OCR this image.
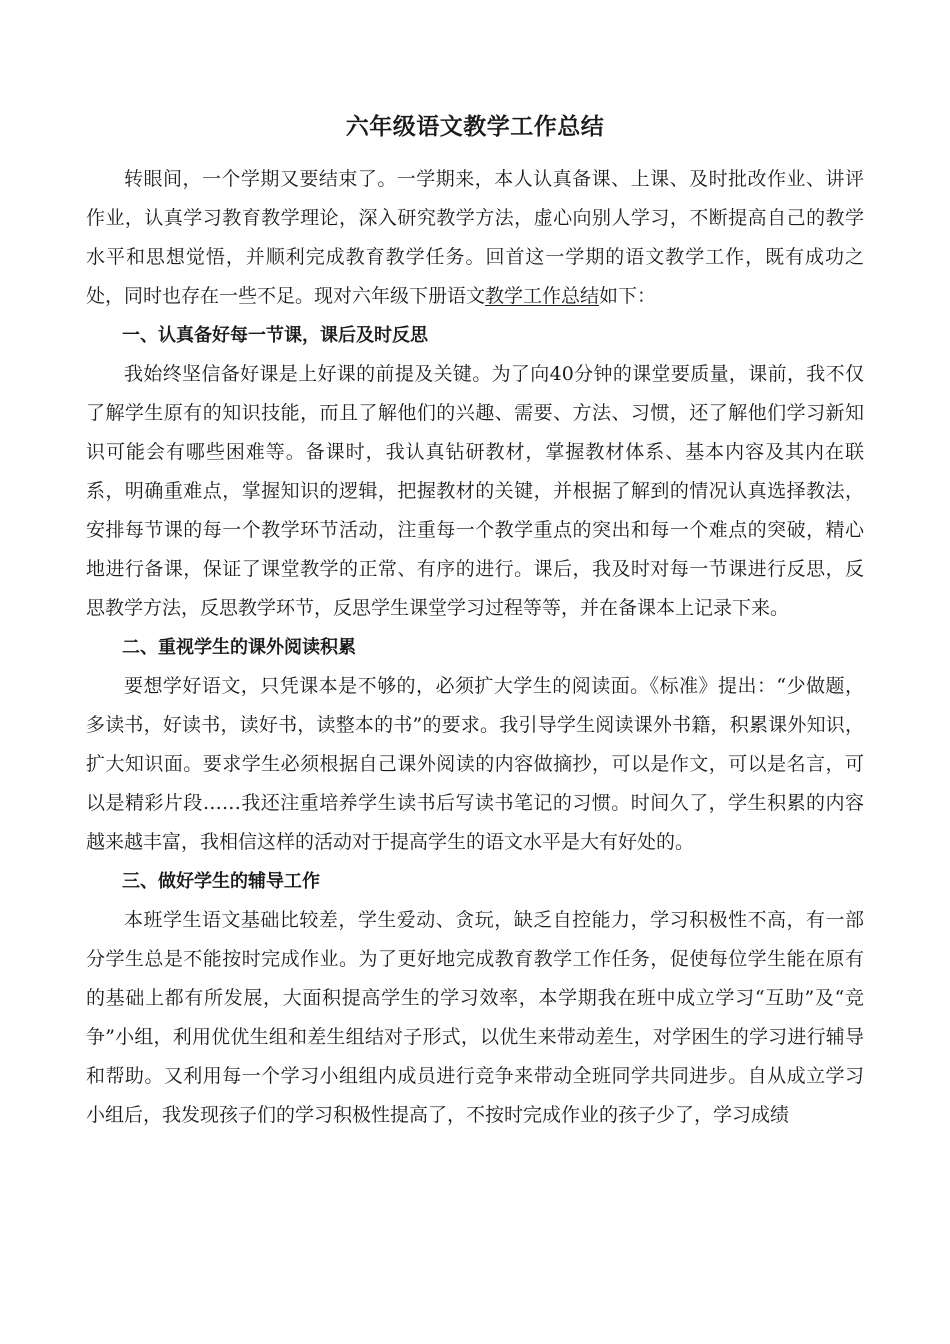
六年级语文教学工作总结

转眼间，一个学期又要结束了。一学期来，本人认真备课、上课、及时批改作业、讲评作业，认真学习教育教学理论，深入研究教学方法，虚心向别人学习，不断提高自己的教学水平和思想觉悟，并顺利完成教育教学任务。回首这一学期的语文教学工作，既有成功之处，同时也存在一些不足。现对六年级下册语文教学工作总结如下：

一、认真备好每一节课，课后及时反思

我始终坚信备好课是上好课的前提及关键。为了向40分钟的课堂要质量，课前，我不仅了解学生原有的知识技能，而且了解他们的兴趣、需要、方法、习惯，还了解他们学习新知识可能会有哪些困难等。备课时，我认真钻研教材，掌握教材体系、基本内容及其内在联系，明确重难点，掌握知识的逻辑，把握教材的关键，并根据了解到的情况认真选择教法，安排每节课的每一个教学环节活动，注重每一个教学重点的突出和每一个难点的突破，精心地进行备课，保证了课堂教学的正常、有序的进行。课后，我及时对每一节课进行反思，反思教学方法，反思教学环节，反思学生课堂学习过程等等，并在备课本上记录下来。

二、重视学生的课外阅读积累

要想学好语文，只凭课本是不够的，必须扩大学生的阅读面。《标准》提出：“少做题，多读书，好读书，读好书，读整本的书”的要求。我引导学生阅读课外书籍，积累课外知识，扩大知识面。要求学生必须根据自己课外阅读的内容做摘抄，可以是作文，可以是名言，可以是精彩片段……我还注重培养学生读书后写读书笔记的习惯。时间久了，学生积累的内容越来越丰富，我相信这样的活动对于提高学生的语文水平是大有好处的。

三、做好学生的辅导工作

本班学生语文基础比较差，学生爱动、贪玩，缺乏自控能力，学习积极性不高，有一部分学生总是不能按时完成作业。为了更好地完成教育教学工作任务，促使每位学生能在原有的基础上都有所发展，大面积提高学生的学习效率，本学期我在班中成立学习“互助”及“竞争”小组，利用优优生组和差生组结对子形式，以优生来带动差生，对学困生的学习进行辅导和帮助。又利用每一个学习小组组内成员进行竞争来带动全班同学共同进步。自从成立学习小组后，我发现孩子们的学习积极性提高了，不按时完成作业的孩子少了，学习成绩
